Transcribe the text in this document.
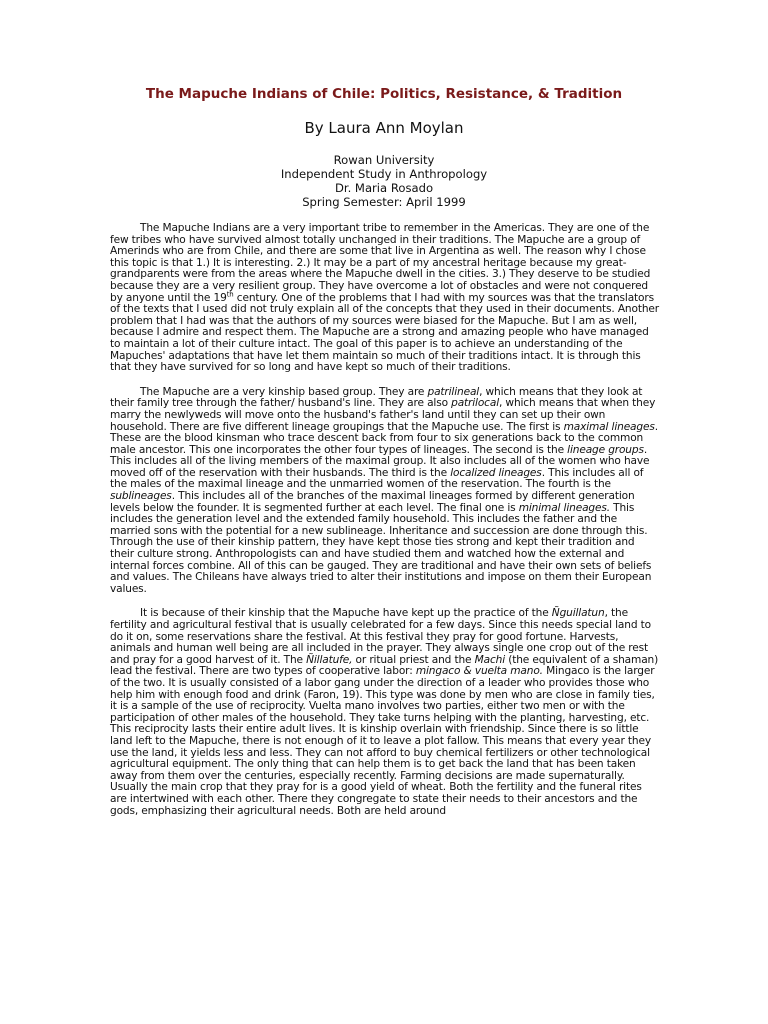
The Mapuche Indians of Chile: Politics, Resistance, & Tradition
By Laura Ann Moylan
Rowan University
Independent Study in Anthropology
Dr. Maria Rosado
Spring Semester: April 1999

The Mapuche Indians are a very important tribe to remember in the Americas. They are one of the few tribes who have survived almost totally unchanged in their traditions. The Mapuche are a group of Amerinds who are from Chile, and there are some that live in Argentina as well. The reason why I chose this topic is that 1.) It is interesting. 2.) It may be a part of my ancestral heritage because my great-grandparents were from the areas where the Mapuche dwell in the cities. 3.) They deserve to be studied because they are a very resilient group. They have overcome a lot of obstacles and were not conquered by anyone until the 19th century. One of the problems that I had with my sources was that the translators of the texts that I used did not truly explain all of the concepts that they used in their documents. Another problem that I had was that the authors of my sources were biased for the Mapuche. But I am as well, because I admire and respect them. The Mapuche are a strong and amazing people who have managed to maintain a lot of their culture intact. The goal of this paper is to achieve an understanding of the Mapuches' adaptations that have let them maintain so much of their traditions intact. It is through this that they have survived for so long and have kept so much of their traditions.

The Mapuche are a very kinship based group. They are patrilineal, which means that they look at their family tree through the father/ husband's line. They are also patrilocal, which means that when they marry the newlyweds will move onto the husband's father's land until they can set up their own household. There are five different lineage groupings that the Mapuche use. The first is maximal lineages. These are the blood kinsman who trace descent back from four to six generations back to the common male ancestor. This one incorporates the other four types of lineages. The second is the lineage groups. This includes all of the living members of the maximal group. It also includes all of the women who have moved off of the reservation with their husbands. The third is the localized lineages. This includes all of the males of the maximal lineage and the unmarried women of the reservation. The fourth is the sublineages. This includes all of the branches of the maximal lineages formed by different generation levels below the founder. It is segmented further at each level. The final one is minimal lineages. This includes the generation level and the extended family household. This includes the father and the married sons with the potential for a new sublineage. Inheritance and succession are done through this. Through the use of their kinship pattern, they have kept those ties strong and kept their tradition and their culture strong. Anthropologists can and have studied them and watched how the external and internal forces combine. All of this can be gauged. They are traditional and have their own sets of beliefs and values. The Chileans have always tried to alter their institutions and impose on them their European values.

It is because of their kinship that the Mapuche have kept up the practice of the Ñguillatun, the fertility and agricultural festival that is usually celebrated for a few days. Since this needs special land to do it on, some reservations share the festival. At this festival they pray for good fortune. Harvests, animals and human well being are all included in the prayer. They always single one crop out of the rest and pray for a good harvest of it. The Ñillatufe, or ritual priest and the Machi (the equivalent of a shaman) lead the festival. There are two types of cooperative labor: mingaco & vuelta mano. Mingaco is the larger of the two. It is usually consisted of a labor gang under the direction of a leader who provides those who help him with enough food and drink (Faron, 19). This type was done by men who are close in family ties, it is a sample of the use of reciprocity. Vuelta mano involves two parties, either two men or with the participation of other males of the household. They take turns helping with the planting, harvesting, etc. This reciprocity lasts their entire adult lives. It is kinship overlain with friendship. Since there is so little land left to the Mapuche, there is not enough of it to leave a plot fallow. This means that every year they use the land, it yields less and less. They can not afford to buy chemical fertilizers or other technological agricultural equipment. The only thing that can help them is to get back the land that has been taken away from them over the centuries, especially recently. Farming decisions are made supernaturally. Usually the main crop that they pray for is a good yield of wheat. Both the fertility and the funeral rites are intertwined with each other. There they congregate to state their needs to their ancestors and the gods, emphasizing their agricultural needs. Both are held around
